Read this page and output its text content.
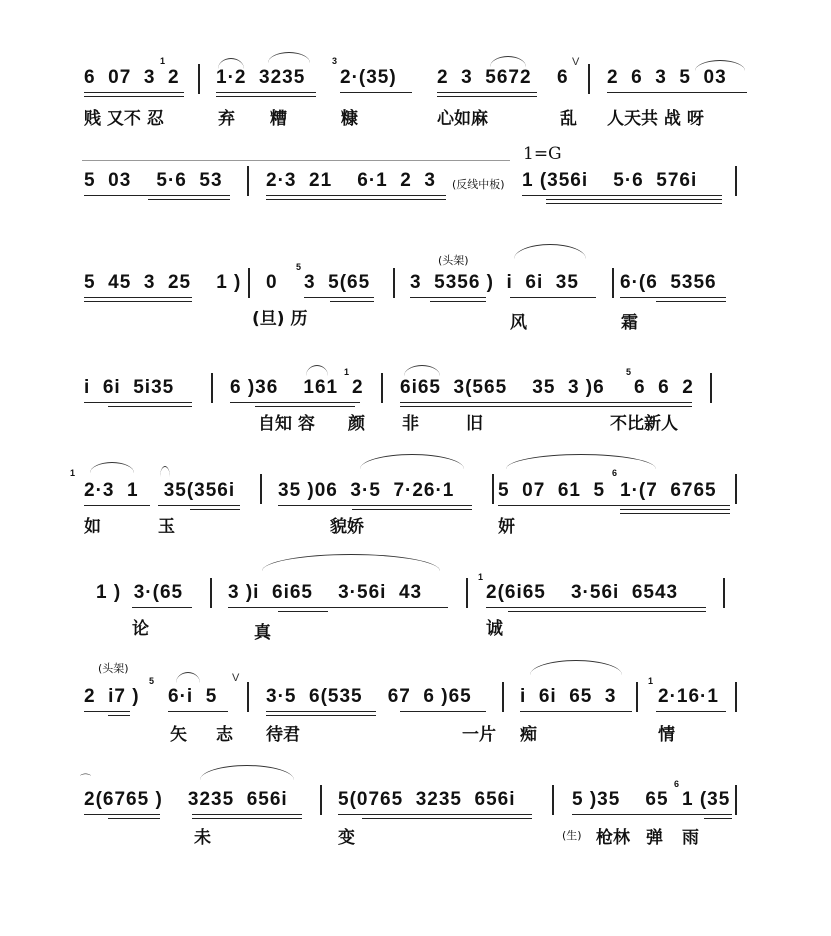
6  07  3
1
2 1·2  3235
3
2·(35) 2  3  5672 6
V
2  6  3  5  03
贱 又不 忍	弃 糟	糠	心如麻	乱 人天共 战 呀
5  03    5·6  53 2·3  21    6·1  2  3 (反线中板)
1=G
1 (356i    5·6  576i
5  45  3  25    1 ) 0
5
3  5(65
(头架)
3  5356 )  i  6i  35 6·(6  5356
(旦) 历	风	霜
i  6i  5i35	6 )36    161
1
2 6i65  3(565    35  3 )6
5
6  6  2
自知 容 颜 非	旧	不比新人
1
2·3  1    35(356i 35 )06  3·5  7·26·1 5  07  61  5
6
1·(7  6765
如	玉	貌娇	妍
1 )  3·(65 3 )i  6i65    3·56i  43
1
2(6i65    3·56i  6543
论	真	诚
(头架)
2  i7 )
5
6·i  5
V
3·5  6(535    67  6 )65	i  6i  65  3
1
2·16·1
矢 志 待君	一片 痴	情
⌒
2(6765 )    3235  656i	5(0765  3235  656i	5 )35    65
6
1 (35
未	变	(生) 枪林 弹 雨
